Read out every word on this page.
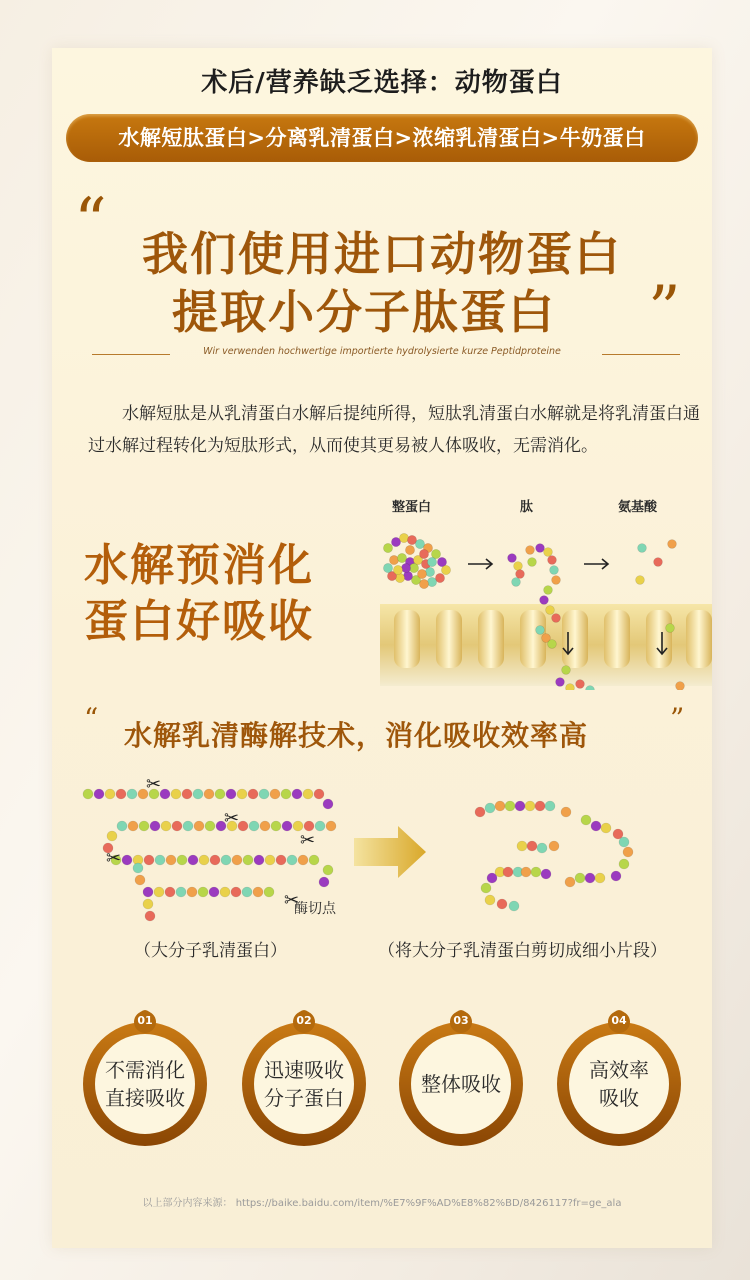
术后/营养缺乏选择：动物蛋白
水解短肽蛋白>分离乳清蛋白>浓缩乳清蛋白>牛奶蛋白
“ 我们使用进口动物蛋白
提取小分子肽蛋白	”
Wir verwenden hochwertige importierte hydrolysierte kurze Peptidproteine
水解短肽是从乳清蛋白水解后提纯所得，短肽乳清蛋白水解就是将乳清蛋白通过水解过程转化为短肽形式，从而使其更易被人体吸收，无需消化。
水解预消化
蛋白好吸收
整蛋白	肽	氨基酸
“
水解乳清酶解技术，消化吸收效率高
”
✂
✂
✂
✂
✂
酶切点
（大分子乳清蛋白）	（将大分子乳清蛋白剪切成细小片段）
01
不需消化
直接吸收
02
迅速吸收
分子蛋白
03
整体吸收
04
高效率
吸收
以上部分内容来源： https://baike.baidu.com/item/%E7%9F%AD%E8%82%BD/8426117?fr=ge_ala
